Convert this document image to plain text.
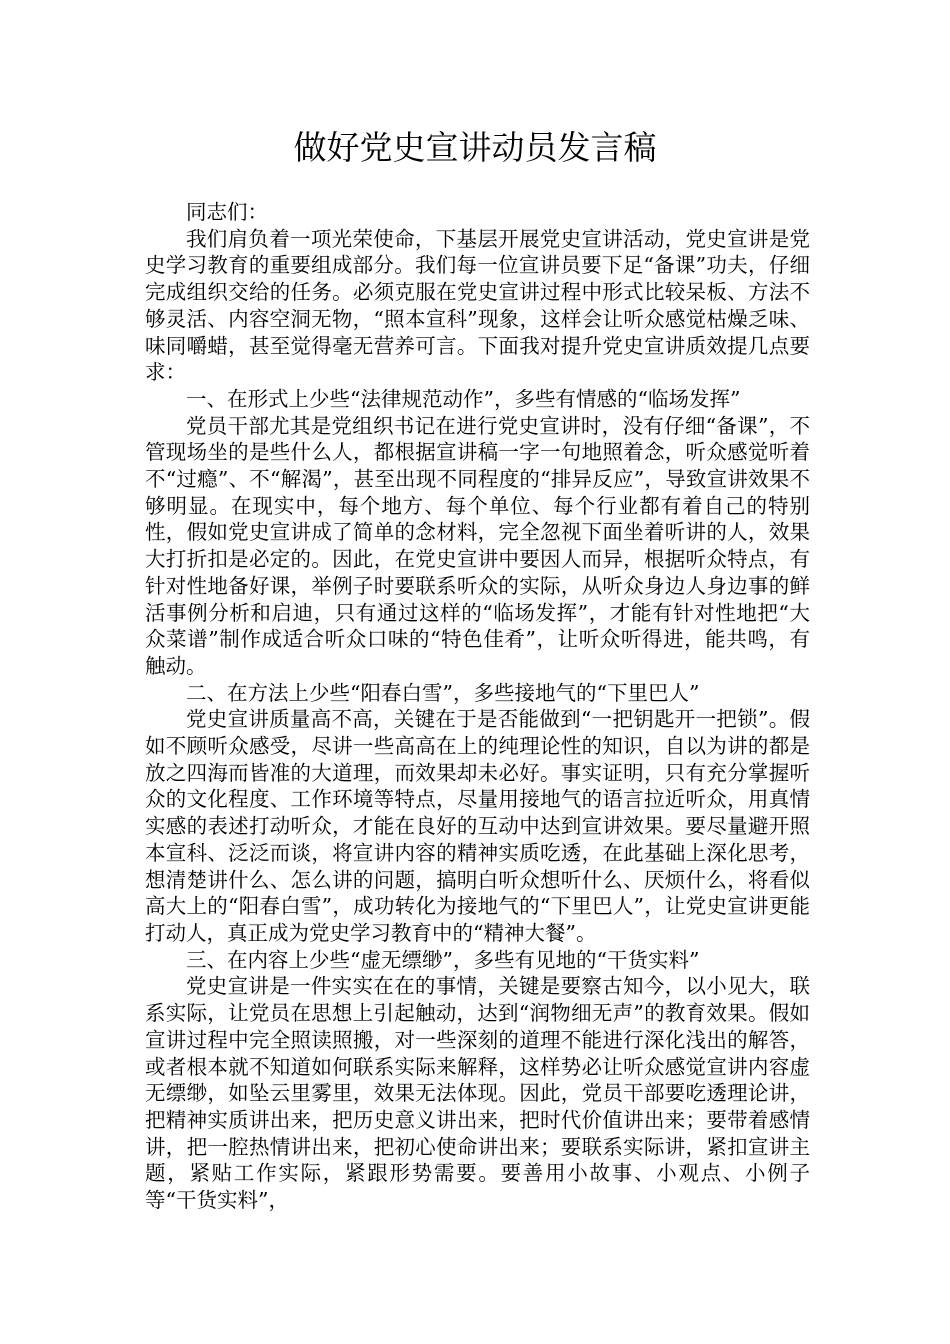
做好党史宣讲动员发言稿

同志们：

我们肩负着一项光荣使命，下基层开展党史宣讲活动，党史宣讲是党史学习教育的重要组成部分。我们每一位宣讲员要下足“备课”功夫，仔细完成组织交给的任务。必须克服在党史宣讲过程中形式比较呆板、方法不够灵活、内容空洞无物，“照本宣科”现象，这样会让听众感觉枯燥乏味、味同嚼蜡，甚至觉得毫无营养可言。下面我对提升党史宣讲质效提几点要求：

一、在形式上少些“法律规范动作”，多些有情感的“临场发挥”

党员干部尤其是党组织书记在进行党史宣讲时，没有仔细“备课”，不管现场坐的是些什么人，都根据宣讲稿一字一句地照着念，听众感觉听着不“过瘾”、不“解渴”，甚至出现不同程度的“排异反应”，导致宣讲效果不够明显。在现实中，每个地方、每个单位、每个行业都有着自己的特别性，假如党史宣讲成了简单的念材料，完全忽视下面坐着听讲的人，效果大打折扣是必定的。因此，在党史宣讲中要因人而异，根据听众特点，有针对性地备好课，举例子时要联系听众的实际，从听众身边人身边事的鲜活事例分析和启迪，只有通过这样的“临场发挥”，才能有针对性地把“大众菜谱”制作成适合听众口味的“特色佳肴”，让听众听得进，能共鸣，有触动。

二、在方法上少些“阳春白雪”，多些接地气的“下里巴人”

党史宣讲质量高不高，关键在于是否能做到“一把钥匙开一把锁”。假如不顾听众感受，尽讲一些高高在上的纯理论性的知识，自以为讲的都是放之四海而皆准的大道理，而效果却未必好。事实证明，只有充分掌握听众的文化程度、工作环境等特点，尽量用接地气的语言拉近听众，用真情实感的表述打动听众，才能在良好的互动中达到宣讲效果。要尽量避开照本宣科、泛泛而谈，将宣讲内容的精神实质吃透，在此基础上深化思考，想清楚讲什么、怎么讲的问题，搞明白听众想听什么、厌烦什么，将看似高大上的“阳春白雪”，成功转化为接地气的“下里巴人”，让党史宣讲更能打动人，真正成为党史学习教育中的“精神大餐”。

三、在内容上少些“虚无缥缈”，多些有见地的“干货实料”

党史宣讲是一件实实在在的事情，关键是要察古知今，以小见大，联系实际，让党员在思想上引起触动，达到“润物细无声”的教育效果。假如宣讲过程中完全照读照搬，对一些深刻的道理不能进行深化浅出的解答，或者根本就不知道如何联系实际来解释，这样势必让听众感觉宣讲内容虚无缥缈，如坠云里雾里，效果无法体现。因此，党员干部要吃透理论讲，把精神实质讲出来，把历史意义讲出来，把时代价值讲出来；要带着感情讲，把一腔热情讲出来，把初心使命讲出来；要联系实际讲，紧扣宣讲主题，紧贴工作实际，紧跟形势需要。要善用小故事、小观点、小例子等“干货实料”，
